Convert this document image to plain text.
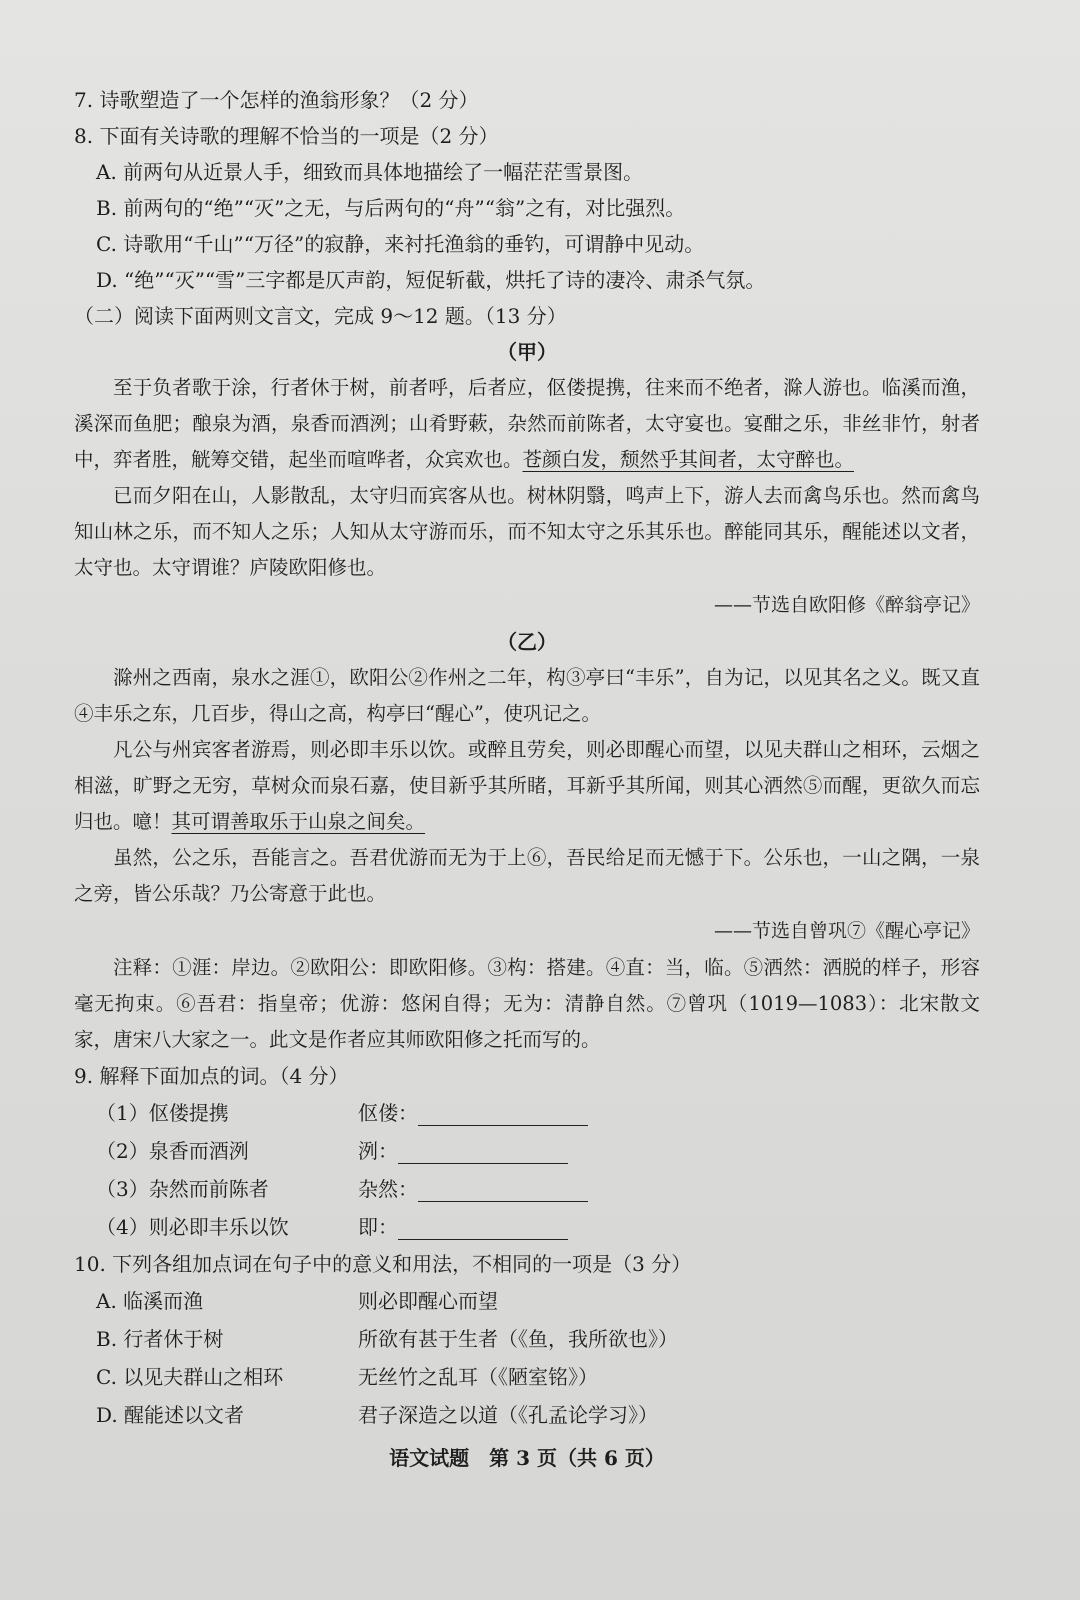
7. 诗歌塑造了一个怎样的渔翁形象？（2 分）
8. 下面有关诗歌的理解不恰当的一项是（2 分）
A. 前两句从近景人手，细致而具体地描绘了一幅茫茫雪景图。
B. 前两句的“绝”“灭”之无，与后两句的“舟”“翁”之有，对比强烈。
C. 诗歌用“千山”“万径”的寂静，来衬托渔翁的垂钓，可谓静中见动。
D. “绝”“灭”“雪”三字都是仄声韵，短促斩截，烘托了诗的凄冷、肃杀气氛。
（二）阅读下面两则文言文，完成 9～12 题。（13 分）
（甲）

至于负者歌于涂，行者休于树，前者呼，后者应，伛偻提携，往来而不绝者，滁人游也。临溪而渔，溪深而鱼肥；酿泉为酒，泉香而酒洌；山肴野蔌，杂然而前陈者，太守宴也。宴酣之乐，非丝非竹，射者中，弈者胜，觥筹交错，起坐而喧哗者，众宾欢也。苍颜白发，颓然乎其间者，太守醉也。

已而夕阳在山，人影散乱，太守归而宾客从也。树林阴翳，鸣声上下，游人去而禽鸟乐也。然而禽鸟知山林之乐，而不知人之乐；人知从太守游而乐，而不知太守之乐其乐也。醉能同其乐，醒能述以文者，太守也。太守谓谁？庐陵欧阳修也。

——节选自欧阳修《醉翁亭记》
（乙）

滁州之西南，泉水之涯①，欧阳公②作州之二年，构③亭曰“丰乐”，自为记，以见其名之义。既又直④丰乐之东，几百步，得山之高，构亭曰“醒心”，使巩记之。

凡公与州宾客者游焉，则必即丰乐以饮。或醉且劳矣，则必即醒心而望，以见夫群山之相环，云烟之相滋，旷野之无穷，草树众而泉石嘉，使目新乎其所睹，耳新乎其所闻，则其心洒然⑤而醒，更欲久而忘归也。噫！其可谓善取乐于山泉之间矣。

虽然，公之乐，吾能言之。吾君优游而无为于上⑥，吾民给足而无憾于下。公乐也，一山之隅，一泉之旁，皆公乐哉？乃公寄意于此也。

——节选自曾巩⑦《醒心亭记》

注释：①涯：岸边。②欧阳公：即欧阳修。③构：搭建。④直：当，临。⑤洒然：洒脱的样子，形容毫无拘束。⑥吾君：指皇帝；优游：悠闲自得；无为：清静自然。⑦曾巩（1019—1083）：北宋散文家，唐宋八大家之一。此文是作者应其师欧阳修之托而写的。

9. 解释下面加点的词。（4 分）
（1）伛偻提携	伛偻：
（2）泉香而酒洌	洌：
（3）杂然而前陈者	杂然：
（4）则必即丰乐以饮	即：
10. 下列各组加点词在句子中的意义和用法，不相同的一项是（3 分）
A. 临溪而渔	则必即醒心而望
B. 行者休于树	所欲有甚于生者（《鱼，我所欲也》）
C. 以见夫群山之相环	无丝竹之乱耳（《陋室铭》）
D. 醒能述以文者	君子深造之以道（《孔孟论学习》）
语文试题　第 3 页（共 6 页）
